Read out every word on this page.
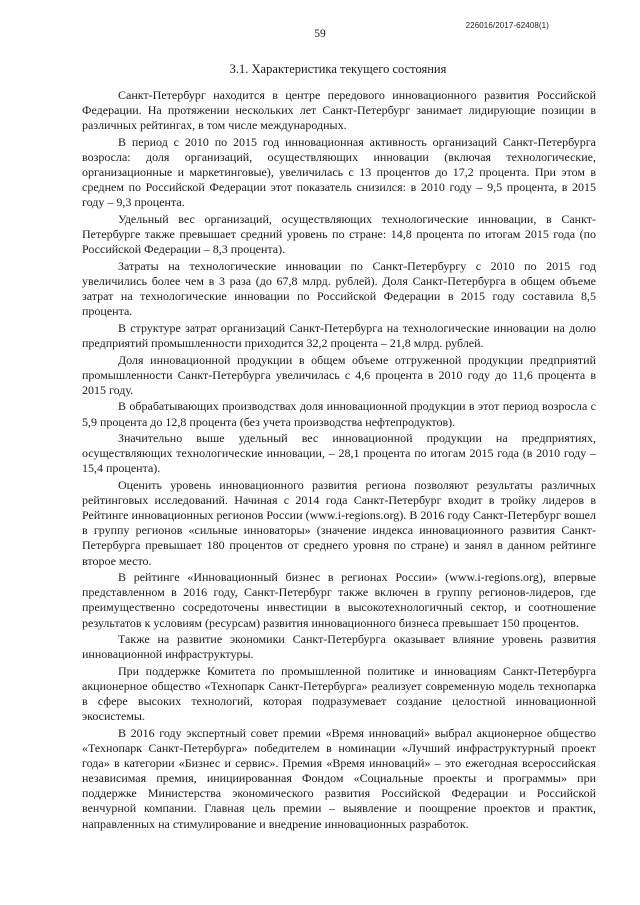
226016/2017-62408(1)
59
3.1. Характеристика текущего состояния

Санкт-Петербург находится в центре передового инновационного развития Российской Федерации. На протяжении нескольких лет Санкт-Петербург занимает лидирующие позиции в различных рейтингах, в том числе международных.

В период с 2010 по 2015 год инновационная активность организаций Санкт-Петербурга возросла: доля организаций, осуществляющих инновации (включая технологические, организационные и маркетинговые), увеличилась с 13 процентов до 17,2 процента. При этом в среднем по Российской Федерации этот показатель снизился: в 2010 году – 9,5 процента, в 2015 году – 9,3 процента.

Удельный вес организаций, осуществляющих технологические инновации, в Санкт-Петербурге также превышает средний уровень по стране: 14,8 процента по итогам 2015 года (по Российской Федерации – 8,3 процента).

Затраты на технологические инновации по Санкт-Петербургу с 2010 по 2015 год увеличились более чем в 3 раза (до 67,8 млрд. рублей). Доля Санкт-Петербурга в общем объеме затрат на технологические инновации по Российской Федерации в 2015 году составила 8,5 процента.

В структуре затрат организаций Санкт-Петербурга на технологические инновации на долю предприятий промышленности приходится 32,2 процента – 21,8 млрд. рублей.

Доля инновационной продукции в общем объеме отгруженной продукции предприятий промышленности Санкт-Петербурга увеличилась с 4,6 процента в 2010 году до 11,6 процента в 2015 году.

В обрабатывающих производствах доля инновационной продукции в этот период возросла с 5,9 процента до 12,8 процента (без учета производства нефтепродуктов).

Значительно выше удельный вес инновационной продукции на предприятиях, осуществляющих технологические инновации, – 28,1 процента по итогам 2015 года (в 2010 году – 15,4 процента).

Оценить уровень инновационного развития региона позволяют результаты различных рейтинговых исследований. Начиная с 2014 года Санкт-Петербург входит в тройку лидеров в Рейтинге инновационных регионов России (www.i-regions.org). В 2016 году Санкт-Петербург вошел в группу регионов «сильные инноваторы» (значение индекса инновационного развития Санкт-Петербурга превышает 180 процентов от среднего уровня по стране) и занял в данном рейтинге второе место.

В рейтинге «Инновационный бизнес в регионах России» (www.i-regions.org), впервые представленном в 2016 году, Санкт-Петербург также включен в группу регионов-лидеров, где преимущественно сосредоточены инвестиции в высокотехнологичный сектор, и соотношение результатов к условиям (ресурсам) развития инновационного бизнеса превышает 150 процентов.

Также на развитие экономики Санкт-Петербурга оказывает влияние уровень развития инновационной инфраструктуры.

При поддержке Комитета по промышленной политике и инновациям Санкт-Петербурга акционерное общество «Технопарк Санкт-Петербурга» реализует современную модель технопарка в сфере высоких технологий, которая подразумевает создание целостной инновационной экосистемы.

В 2016 году экспертный совет премии «Время инноваций» выбрал акционерное общество «Технопарк Санкт-Петербурга» победителем в номинации «Лучший инфраструктурный проект года» в категории «Бизнес и сервис». Премия «Время инноваций» – это ежегодная всероссийская независимая премия, инициированная Фондом «Социальные проекты и программы» при поддержке Министерства экономического развития Российской Федерации и Российской венчурной компании. Главная цель премии – выявление и поощрение проектов и практик, направленных на стимулирование и внедрение инновационных разработок.
